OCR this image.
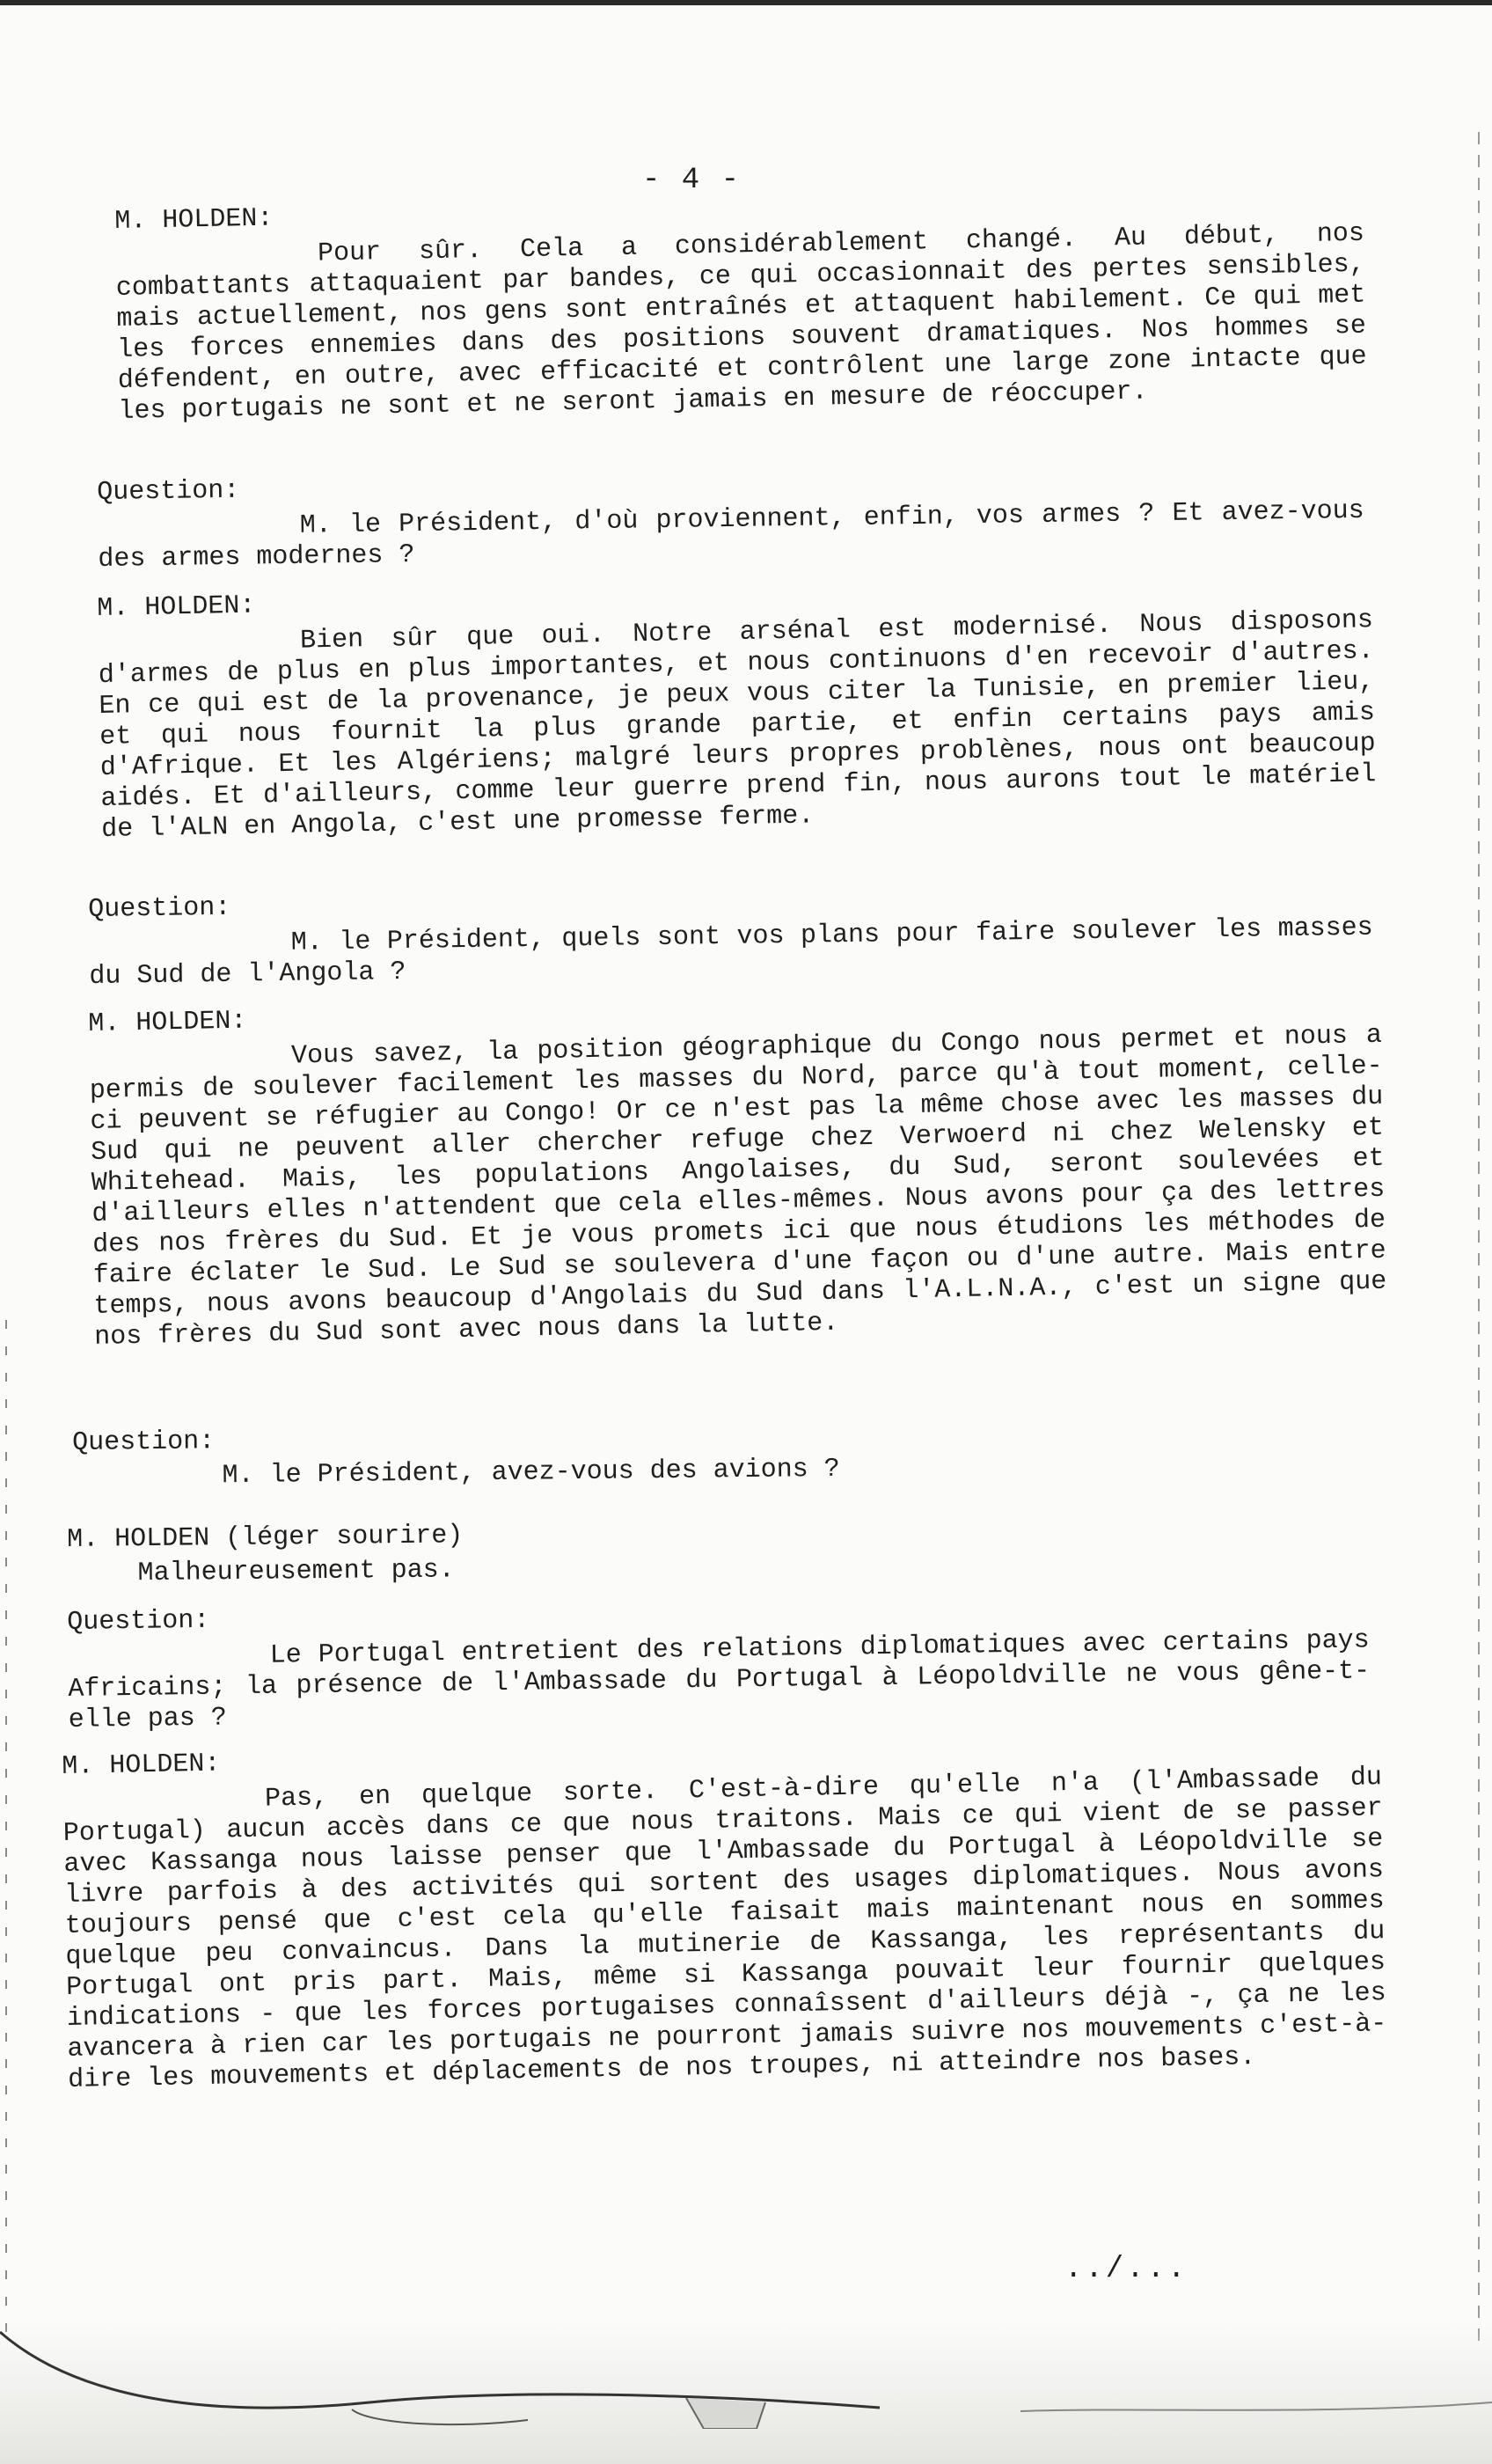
- 4 -

M. HOLDEN:	Pour sûr. Cela a considérablement changé. Au début, nos combattants attaquaient par bandes, ce qui occasionnait des pertes sensibles, mais actuellement, nos gens sont entraînés et attaquent habilement. Ce qui met les forces ennemies dans des positions souvent dramatiques. Nos hommes se défendent, en outre, avec efficacité et contrôlent une large zone intacte que les portugais ne sont et ne seront jamais en mesure de réoccuper.

Question:

M. le Président, d'où proviennent, enfin, vos armes ? Et avez-vous des armes modernes ?

M. HOLDEN:	Bien sûr que oui. Notre arsénal est modernisé. Nous disposons d'armes de plus en plus importantes, et nous continuons d'en recevoir d'autres. En ce qui est de la provenance, je peux vous citer la Tunisie, en premier lieu, et qui nous fournit la plus grande partie, et enfin certains pays amis d'Afrique. Et les Algériens; malgré leurs propres problènes, nous ont beaucoup aidés. Et d'ailleurs, comme leur guerre prend fin, nous aurons tout le matériel de l'ALN en Angola, c'est une promesse ferme.

Question:

M. le Président, quels sont vos plans pour faire soulever les masses du Sud de l'Angola ?

M. HOLDEN:	Vous savez, la position géographique du Congo nous permet et nous a permis de soulever facilement les masses du Nord, parce qu'à tout moment, celle-ci peuvent se réfugier au Congo! Or ce n'est pas la même chose avec les masses du Sud qui ne peuvent aller chercher refuge chez Verwoerd ni chez Welensky et Whitehead. Mais, les populations Angolaises, du Sud, seront soulevées et d'ailleurs elles n'attendent que cela elles-mêmes. Nous avons pour ça des lettres des nos frères du Sud. Et je vous promets ici que nous étudions les méthodes de faire éclater le Sud. Le Sud se soulevera d'une façon ou d'une autre. Mais entre temps, nous avons beaucoup d'Angolais du Sud dans l'A.L.N.A., c'est un signe que nos frères du Sud sont avec nous dans la lutte.

Question:

M. le Président, avez-vous des avions ?

M. HOLDEN (léger sourire)

Malheureusement pas.

Question:

Le Portugal entretient des relations diplomatiques avec certains pays Africains; la présence de l'Ambassade du Portugal à Léopoldville ne vous gêne-t-elle pas ?

M. HOLDEN:	Pas, en quelque sorte. C'est-à-dire qu'elle n'a (l'Ambassade du Portugal) aucun accès dans ce que nous traitons. Mais ce qui vient de se passer avec Kassanga nous laisse penser que l'Ambassade du Portugal à Léopoldville se livre parfois à des activités qui sortent des usages diplomatiques. Nous avons toujours pensé que c'est cela qu'elle faisait mais maintenant nous en sommes quelque peu convaincus. Dans la mutinerie de Kassanga, les représentants du Portugal ont pris part. Mais, même si Kassanga pouvait leur fournir quelques indications - que les forces portugaises connaîssent d'ailleurs déjà -, ça ne les avancera à rien car les portugais ne pourront jamais suivre nos mouvements c'est-à-dire les mouvements et déplacements de nos troupes, ni atteindre nos bases.

../...
